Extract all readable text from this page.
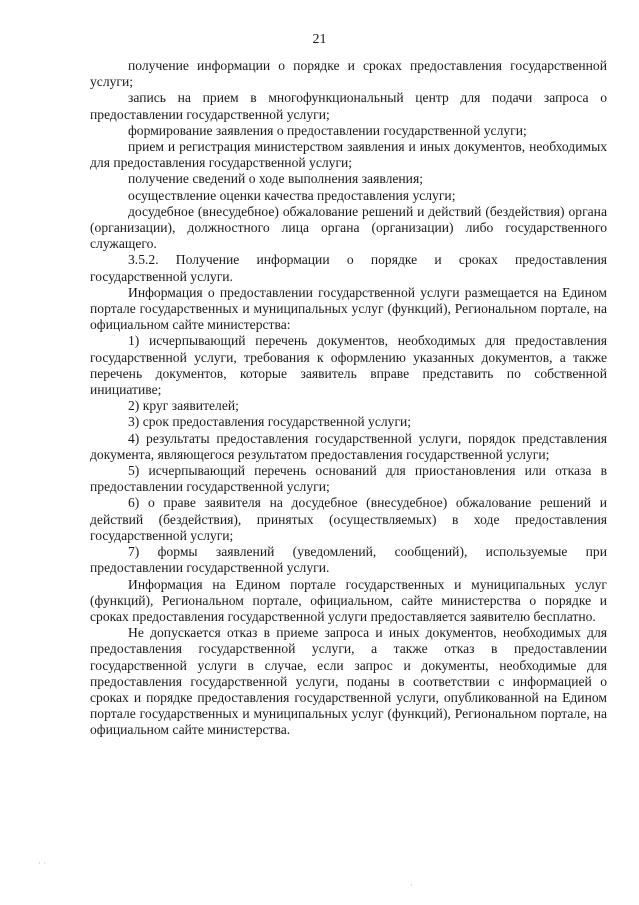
21

получение информации о порядке и сроках предоставления государственной услуги;

запись на прием в многофункциональный центр для подачи запроса о предоставлении государственной услуги;

формирование заявления о предоставлении государственной услуги;

прием и регистрация министерством заявления и иных документов, необходимых для предоставления государственной услуги;

получение сведений о ходе выполнения заявления;

осуществление оценки качества предоставления услуги;

досудебное (внесудебное) обжалование решений и действий (бездействия) органа (организации), должностного лица органа (организации) либо государственного служащего.

3.5.2. Получение информации о порядке и сроках предоставления государственной услуги.

Информация о предоставлении государственной услуги размещается на Едином портале государственных и муниципальных услуг (функций), Региональном портале, на официальном сайте министерства:

1) исчерпывающий перечень документов, необходимых для предоставления государственной услуги, требования к оформлению указанных документов, а также перечень документов, которые заявитель вправе представить по собственной инициативе;

2) круг заявителей;

3) срок предоставления государственной услуги;

4) результаты предоставления государственной услуги, порядок представления документа, являющегося результатом предоставления государственной услуги;

5) исчерпывающий перечень оснований для приостановления или отказа в предоставлении государственной услуги;

6) о праве заявителя на досудебное (внесудебное) обжалование решений и действий (бездействия), принятых (осуществляемых) в ходе предоставления государственной услуги;

7) формы заявлений (уведомлений, сообщений), используемые при предоставлении государственной услуги.

Информация на Едином портале государственных и муниципальных услуг (функций), Региональном портале, официальном, сайте министерства о порядке и сроках предоставления государственной услуги предоставляется заявителю бесплатно.

Не допускается отказ в приеме запроса и иных документов, необходимых для предоставления государственной услуги, а также отказ в предоставлении государственной услуги в случае, если запрос и документы, необходимые для предоставления государственной услуги, поданы в соответствии с информацией о сроках и порядке предоставления государственной услуги, опубликованной на Едином портале государственных и муниципальных услуг (функций), Региональном портале, на официальном сайте министерства.

· ·
·
